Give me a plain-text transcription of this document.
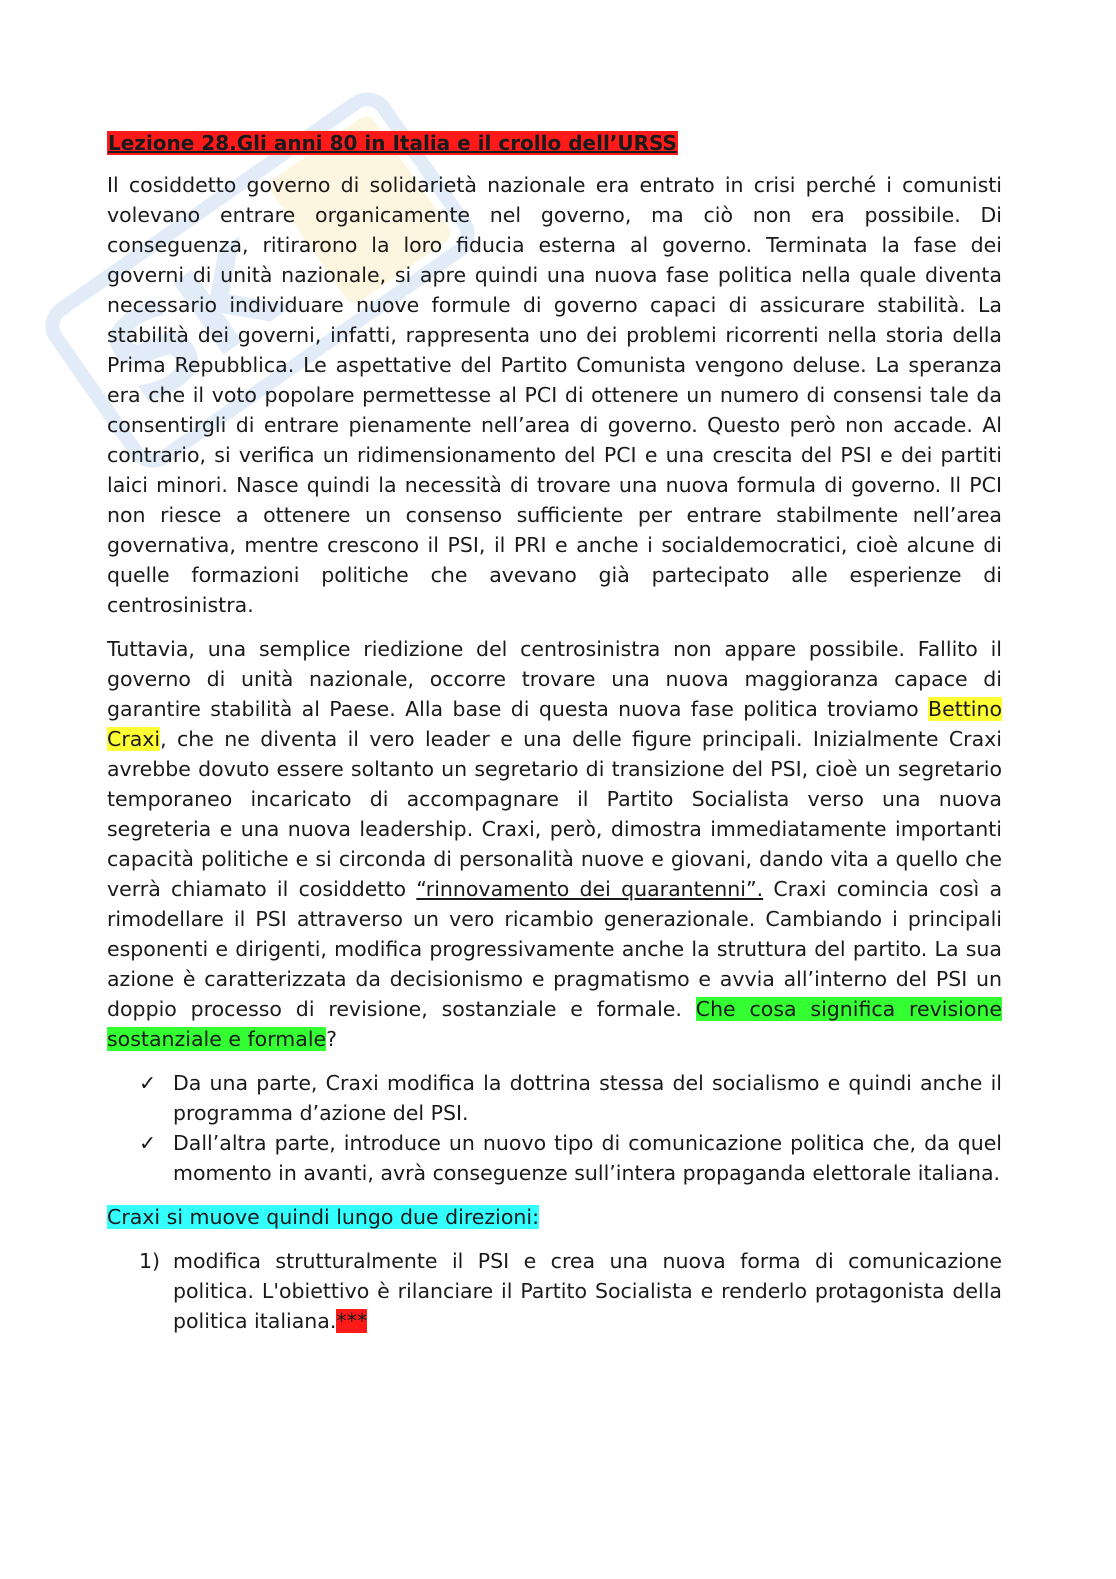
SK
Lezione 28.Gli anni 80 in Italia e il crollo dell’URSS

Il cosiddetto governo di solidarietà nazionale era entrato in crisi perché i comunisti volevano entrare organicamente nel governo, ma ciò non era possibile. Di conseguenza, ritirarono la loro fiducia esterna al governo. Terminata la fase dei governi di unità nazionale, si apre quindi una nuova fase politica nella quale diventa necessario individuare nuove formule di governo capaci di assicurare stabilità. La stabilità dei governi, infatti, rappresenta uno dei problemi ricorrenti nella storia della Prima Repubblica. Le aspettative del Partito Comunista vengono deluse. La speranza era che il voto popolare permettesse al PCI di ottenere un numero di consensi tale da consentirgli di entrare pienamente nell’area di governo. Questo però non accade. Al contrario, si verifica un ridimensionamento del PCI e una crescita del PSI e dei partiti laici minori. Nasce quindi la necessità di trovare una nuova formula di governo. Il PCI non riesce a ottenere un consenso sufficiente per entrare stabilmente nell’area governativa, mentre crescono il PSI, il PRI e anche i socialdemocratici, cioè alcune di quelle formazioni politiche che avevano già partecipato alle esperienze di centrosinistra.

Tuttavia, una semplice riedizione del centrosinistra non appare possibile. Fallito il governo di unità nazionale, occorre trovare una nuova maggioranza capace di garantire stabilità al Paese. Alla base di questa nuova fase politica troviamo Bettino Craxi, che ne diventa il vero leader e una delle figure principali. Inizialmente Craxi avrebbe dovuto essere soltanto un segretario di transizione del PSI, cioè un segretario temporaneo incaricato di accompagnare il Partito Socialista verso una nuova segreteria e una nuova leadership. Craxi, però, dimostra immediatamente importanti capacità politiche e si circonda di personalità nuove e giovani, dando vita a quello che verrà chiamato il cosiddetto “rinnovamento dei quarantenni”. Craxi comincia così a rimodellare il PSI attraverso un vero ricambio generazionale. Cambiando i principali esponenti e dirigenti, modifica progressivamente anche la struttura del partito. La sua azione è caratterizzata da decisionismo e pragmatismo e avvia all’interno del PSI un doppio processo di revisione, sostanziale e formale. Che cosa significa revisione sostanziale e formale?

✓ Da una parte, Craxi modifica la dottrina stessa del socialismo e quindi anche il programma d’azione del PSI.
✓ Dall’altra parte, introduce un nuovo tipo di comunicazione politica che, da quel momento in avanti, avrà conseguenze sull’intera propaganda elettorale italiana.
Craxi si muove quindi lungo due direzioni:
1) modifica strutturalmente il PSI e crea una nuova forma di comunicazione politica. L'obiettivo è rilanciare il Partito Socialista e renderlo protagonista della politica italiana.***
